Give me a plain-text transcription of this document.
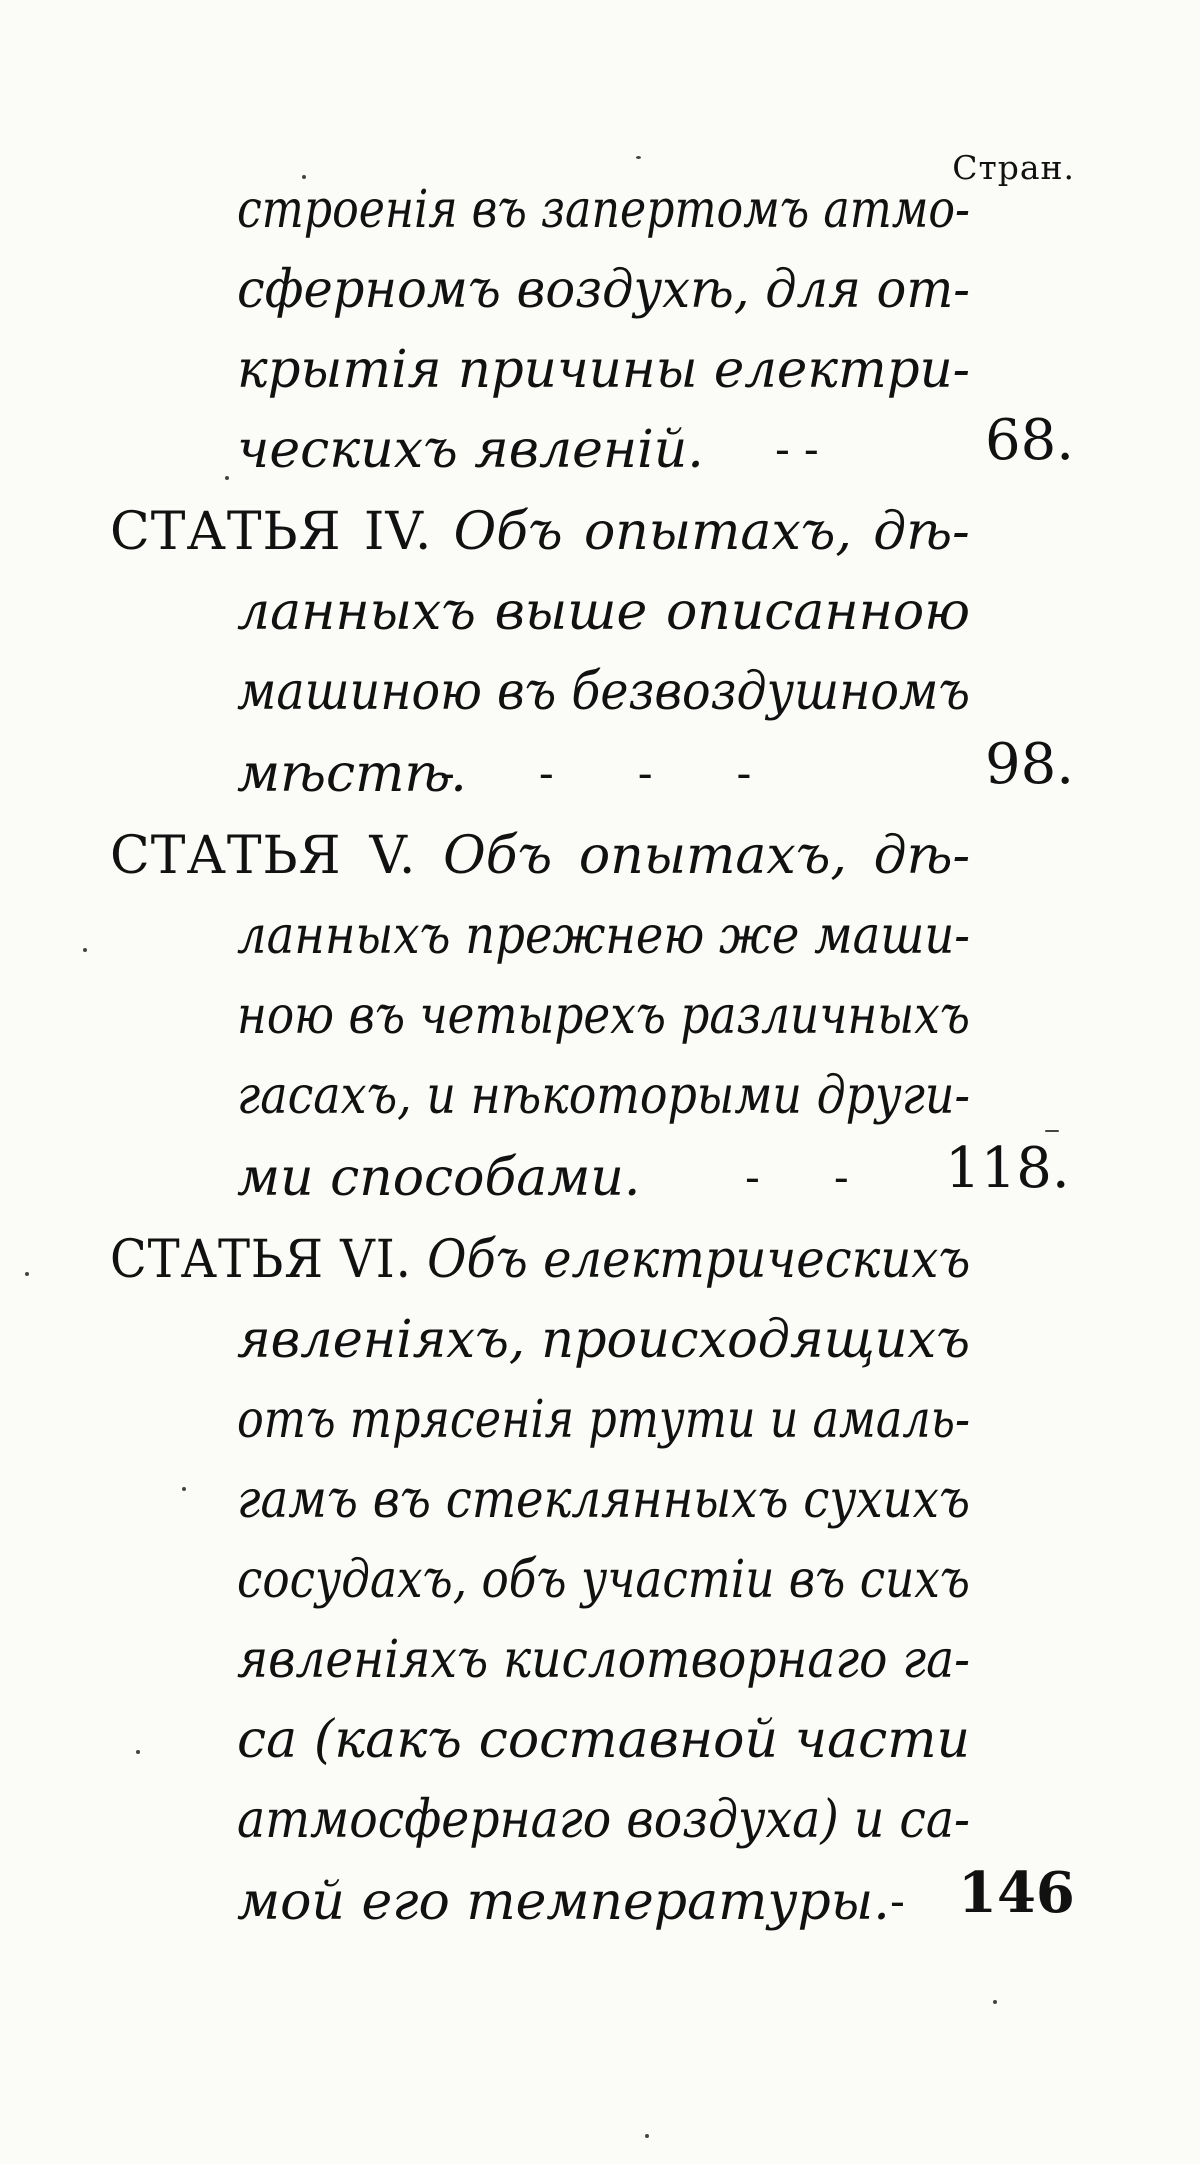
Стран.
строенія въ запертомъ атмо-
сферномъ воздухѣ, для от-
крытія причины електри-
ческихъ явленій. - -	68.
СТАТЬЯ IV. Объ опытахъ, дѣ-
ланныхъ выше описанною
машиною въ безвоздушномъ
мѣстѣ.
- - - -	98.
СТАТЬЯ V. Объ опытахъ, дѣ-
ланныхъ прежнею же маши-
ною въ четырехъ различныхъ
гасахъ, и нѣкоторыми други-
ми способами. - - 118.
СТАТЬЯ VI. Объ електрическихъ
явленіяхъ, происходящихъ
отъ трясенія ртути и амаль-
гамъ въ стеклянныхъ сухихъ
сосудахъ, объ участіи въ сихъ
явленіяхъ кислотворнаго га-
са (какъ составной части
атмосфернаго воздуха) и са-
мой его температуры. - 146
